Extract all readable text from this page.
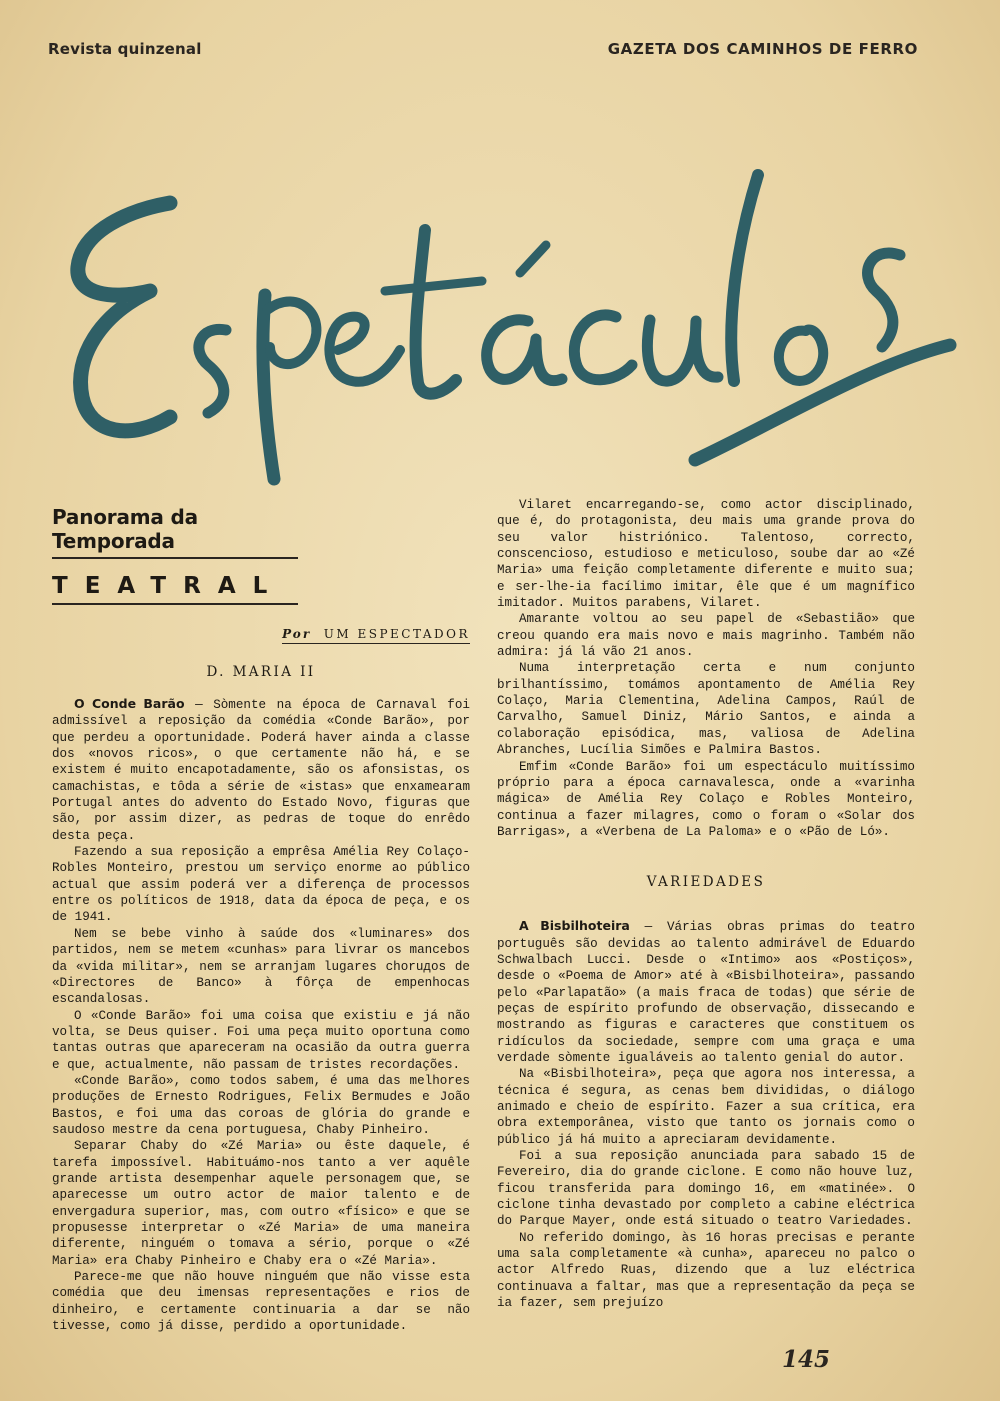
Revista quinzenal	GAZETA DOS CAMINHOS DE FERRO
Espetáculos
Panorama da Temporada
TEATRAL
Por UM ESPECTADOR
D. MARIA II

O Conde Barão — Sòmente na época de Carnaval foi admissível a reposição da comédia «Conde Barão», por que perdeu a oportunidade. Poderá haver ainda a classe dos «novos ricos», o que certamente não há, e se existem é muito encapotadamente, são os afonsistas, os camachistas, e tôda a série de «istas» que enxamearam Portugal antes do advento do Estado Novo, figuras que são, por assim dizer, as pedras de toque do enrêdo desta peça.

Fazendo a sua reposição a emprêsa Amélia Rey Colaço-Robles Monteiro, prestou um serviço enorme ao público actual que assim poderá ver a diferença de processos entre os políticos de 1918, data da época de peça, e os de 1941.

Nem se bebe vinho à saúde dos «luminares» dos partidos, nem se metem «cunhas» para livrar os mancebos da «vida militar», nem se arranjam lugares choruдos de «Directores de Banco» à fôrça de empenhocas escandalosas.

O «Conde Barão» foi uma coisa que existiu e já não volta, se Deus quiser. Foi uma peça muito oportuna como tantas outras que apareceram na ocasião da outra guerra e que, actualmente, não passam de tristes recordações.

«Conde Barão», como todos sabem, é uma das melhores produções de Ernesto Rodrigues, Felix Bermudes e João Bastos, e foi uma das coroas de glória do grande e saudoso mestre da cena portuguesa, Chaby Pinheiro.

Separar Chaby do «Zé Maria» ou êste daquele, é tarefa impossível. Habituámo-nos tanto a ver aquêle grande artista desempenhar aquele personagem que, se aparecesse um outro actor de maior talento e de envergadura superior, mas, com outro «físico» e que se propusesse interpretar o «Zé Maria» de uma maneira diferente, ninguém o tomava a sério, porque o «Zé Maria» era Chaby Pinheiro e Chaby era o «Zé Maria».

Parece-me que não houve ninguém que não visse esta comédia que deu imensas representações e rios de dinheiro, e certamente continuaria a dar se não tivesse, como já disse, perdido a oportunidade.

Vilaret encarregando-se, como actor disciplinado, que é, do protagonista, deu mais uma grande prova do seu valor histriónico. Talentoso, correcto, conscencioso, estudioso e meticuloso, soube dar ao «Zé Maria» uma feição completamente diferente e muito sua; e ser-lhe-ia facílimo imitar, êle que é um magnífico imitador. Muitos parabens, Vilaret.

Amarante voltou ao seu papel de «Sebastião» que creou quando era mais novo e mais magrinho. Também não admira: já lá vão 21 anos.

Numa interpretação certa e num conjunto brilhantíssimo, tomámos apontamento de Amélia Rey Colaço, Maria Clementina, Adelina Campos, Raúl de Carvalho, Samuel Diniz, Mário Santos, e ainda a colaboração episódica, mas, valiosa de Adelina Abranches, Lucília Simões e Palmira Bastos.

Emfim «Conde Barão» foi um espectáculo muitíssimo próprio para a época carnavalesca, onde a «varinha mágica» de Amélia Rey Colaço e Robles Monteiro, continua a fazer milagres, como o foram o «Solar dos Barrigas», a «Verbena de La Paloma» e o «Pão de Ló».

VARIEDADES

A Bisbilhoteira — Várias obras primas do teatro português são devidas ao talento admirável de Eduardo Schwalbach Lucci. Desde o «Intimo» aos «Postiços», desde o «Poema de Amor» até à «Bisbilhoteira», passando pelo «Parlapatão» (a mais fraca de todas) que série de peças de espírito profundo de observação, dissecando e mostrando as figuras e caracteres que constituem os ridículos da sociedade, sempre com uma graça e uma verdade sòmente igualáveis ao talento genial do autor.

Na «Bisbilhoteira», peça que agora nos interessa, a técnica é segura, as cenas bem divididas, o diálogo animado e cheio de espírito. Fazer a sua crítica, era obra extemporânea, visto que tanto os jornais como o público já há muito a apreciaram devidamente.

Foi a sua reposição anunciada para sabado 15 de Fevereiro, dia do grande ciclone. E como não houve luz, ficou transferida para domingo 16, em «matinée». O ciclone tinha devastado por completo a cabine eléctrica do Parque Mayer, onde está situado o teatro Variedades.

No referido domingo, às 16 horas precisas e perante uma sala completamente «à cunha», apareceu no palco o actor Alfredo Ruas, dizendo que a luz eléctrica continuava a faltar, mas que a representação da peça se ia fazer, sem prejuízo

145
